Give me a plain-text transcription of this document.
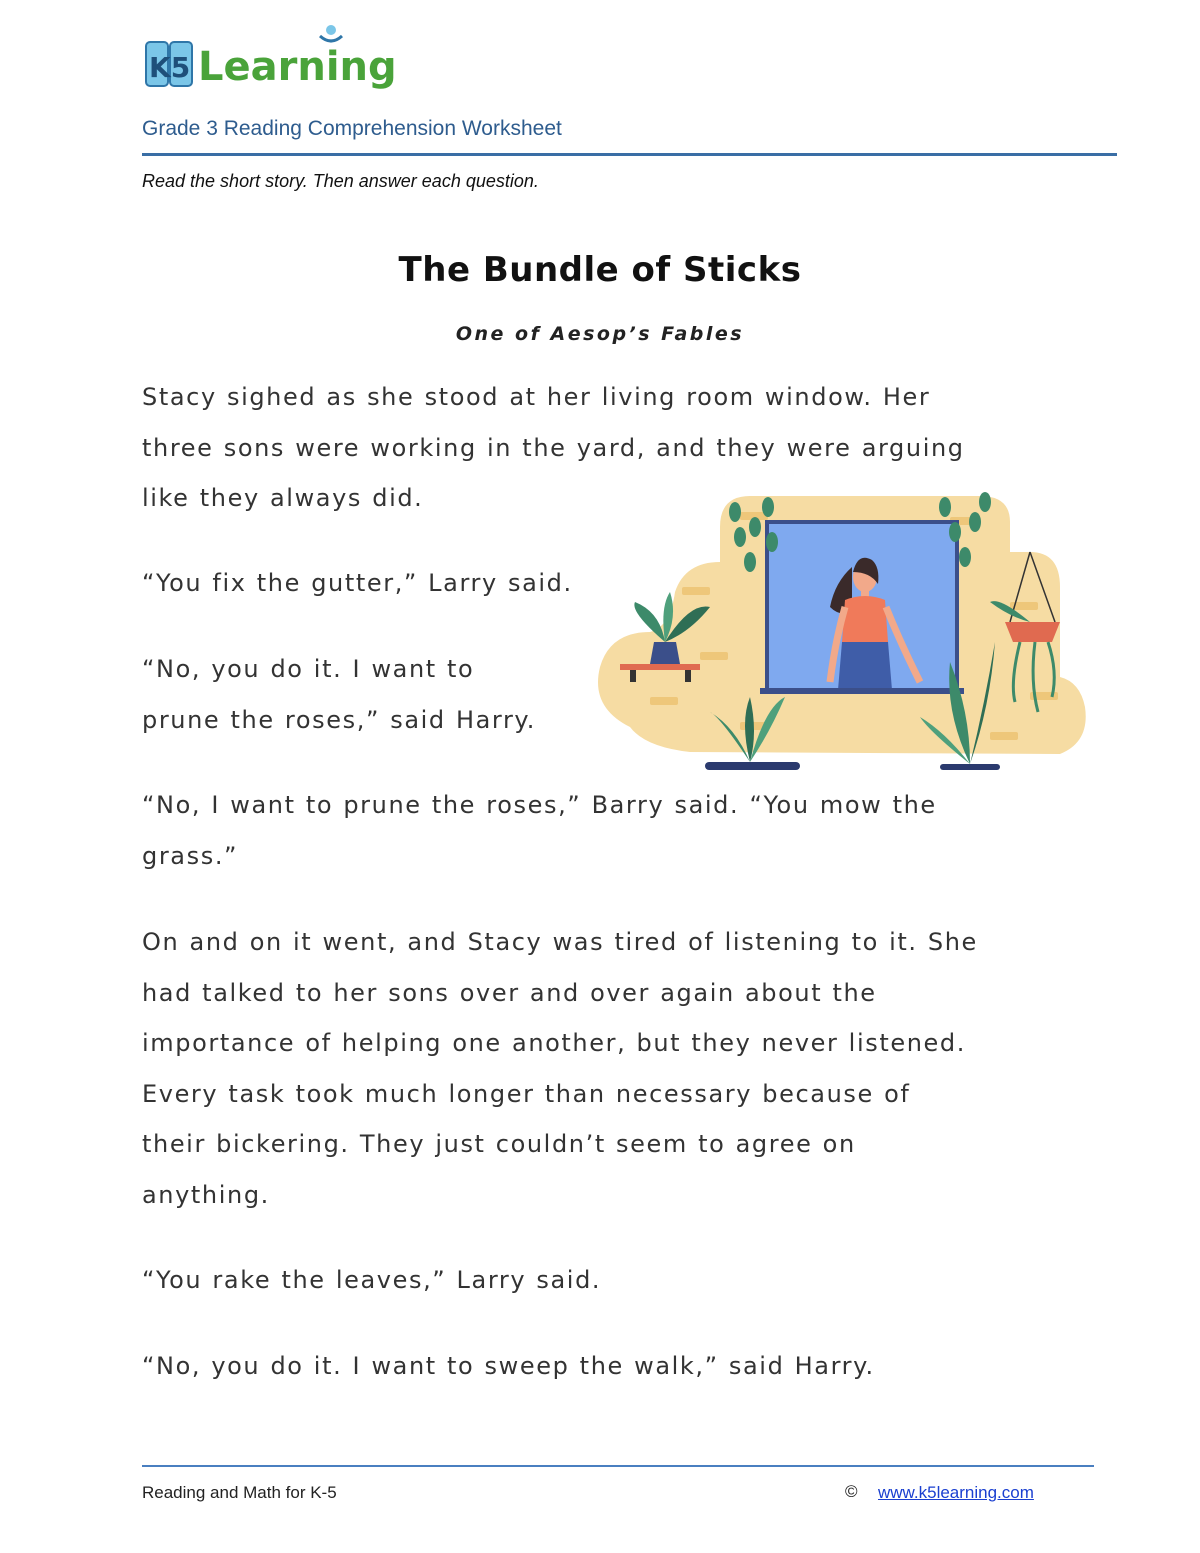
K5 Learning
Grade 3 Reading Comprehension Worksheet
Read the short story. Then answer each question.
The Bundle of Sticks
One of Aesop’s Fables

Stacy sighed as she stood at her living room window. Her
three sons were working in the yard, and they were arguing
like they always did.

“You fix the gutter,” Larry said.

“No, you do it. I want to
prune the roses,” said Harry.

“No, I want to prune the roses,” Barry said. “You mow the
grass.”

On and on it went, and Stacy was tired of listening to it. She
had talked to her sons over and over again about the
importance of helping one another, but they never listened.
Every task took much longer than necessary because of
their bickering. They just couldn’t seem to agree on
anything.

“You rake the leaves,” Larry said.

“No, you do it. I want to sweep the walk,” said Harry.

Reading and Math for K-5	© www.k5learning.com
